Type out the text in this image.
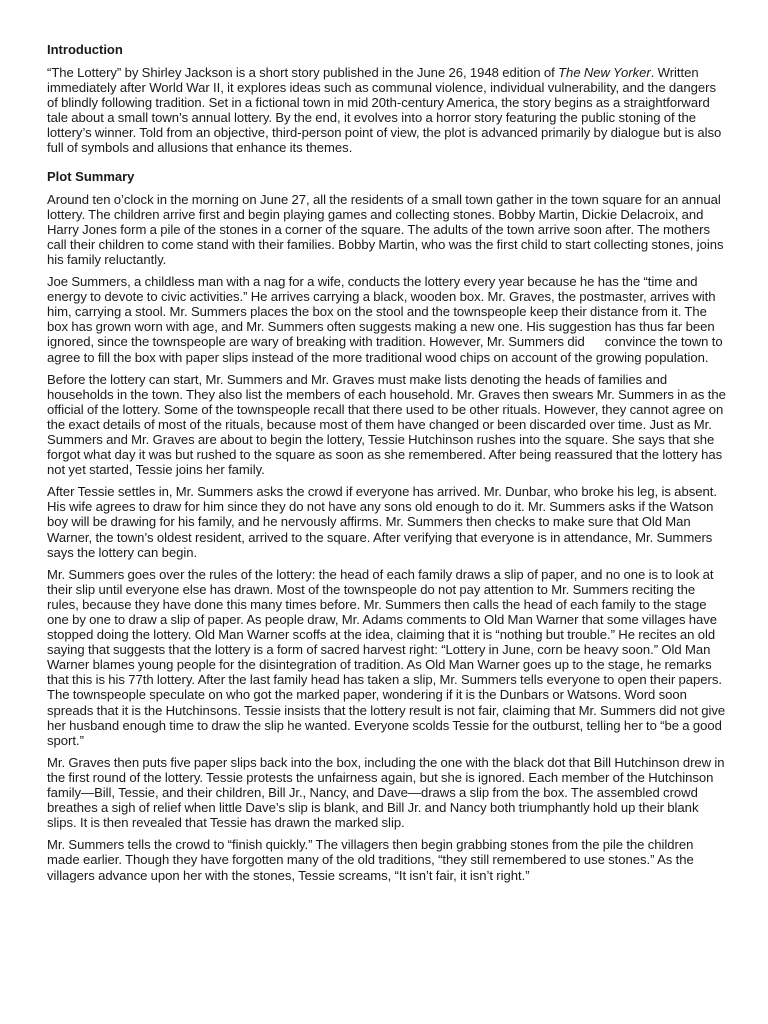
Introduction

“The Lottery” by Shirley Jackson is a short story published in the June 26, 1948 edition of The New Yorker. Written immediately after World War II, it explores ideas such as communal violence, individual vulnerability, and the dangers of blindly following tradition. Set in a fictional town in mid 20th-century America, the story begins as a straightforward tale about a small town’s annual lottery. By the end, it evolves into a horror story featuring the public stoning of the lottery’s winner. Told from an objective, third-person point of view, the plot is advanced primarily by dialogue but is also full of symbols and allusions that enhance its themes.

Plot Summary

Around ten o’clock in the morning on June 27, all the residents of a small town gather in the town square for an annual lottery. The children arrive first and begin playing games and collecting stones. Bobby Martin, Dickie Delacroix, and Harry Jones form a pile of the stones in a corner of the square. The adults of the town arrive soon after. The mothers call their children to come stand with their families. Bobby Martin, who was the first child to start collecting stones, joins his family reluctantly.

Joe Summers, a childless man with a nag for a wife, conducts the lottery every year because he has the “time and energy to devote to civic activities.” He arrives carrying a black, wooden box. Mr. Graves, the postmaster, arrives with him, carrying a stool. Mr. Summers places the box on the stool and the townspeople keep their distance from it. The box has grown worn with age, and Mr. Summers often suggests making a new one. His suggestion has thus far been ignored, since the townspeople are wary of breaking with tradition. However, Mr. Summers did convince the town to agree to fill the box with paper slips instead of the more traditional wood chips on account of the growing population.

Before the lottery can start, Mr. Summers and Mr. Graves must make lists denoting the heads of families and households in the town. They also list the members of each household. Mr. Graves then swears Mr. Summers in as the official of the lottery. Some of the townspeople recall that there used to be other rituals. However, they cannot agree on the exact details of most of the rituals, because most of them have changed or been discarded over time. Just as Mr. Summers and Mr. Graves are about to begin the lottery, Tessie Hutchinson rushes into the square. She says that she forgot what day it was but rushed to the square as soon as she remembered. After being reassured that the lottery has not yet started, Tessie joins her family.

After Tessie settles in, Mr. Summers asks the crowd if everyone has arrived. Mr. Dunbar, who broke his leg, is absent. His wife agrees to draw for him since they do not have any sons old enough to do it. Mr. Summers asks if the Watson boy will be drawing for his family, and he nervously affirms. Mr. Summers then checks to make sure that Old Man Warner, the town’s oldest resident, arrived to the square. After verifying that everyone is in attendance, Mr. Summers says the lottery can begin.

Mr. Summers goes over the rules of the lottery: the head of each family draws a slip of paper, and no one is to look at their slip until everyone else has drawn. Most of the townspeople do not pay attention to Mr. Summers reciting the rules, because they have done this many times before. Mr. Summers then calls the head of each family to the stage one by one to draw a slip of paper. As people draw, Mr. Adams comments to Old Man Warner that some villages have stopped doing the lottery. Old Man Warner scoffs at the idea, claiming that it is “nothing but trouble.” He recites an old saying that suggests that the lottery is a form of sacred harvest right: “Lottery in June, corn be heavy soon.” Old Man Warner blames young people for the disintegration of tradition. As Old Man Warner goes up to the stage, he remarks that this is his 77th lottery. After the last family head has taken a slip, Mr. Summers tells everyone to open their papers. The townspeople speculate on who got the marked paper, wondering if it is the Dunbars or Watsons. Word soon spreads that it is the Hutchinsons. Tessie insists that the lottery result is not fair, claiming that Mr. Summers did not give her husband enough time to draw the slip he wanted. Everyone scolds Tessie for the outburst, telling her to “be a good sport.”

Mr. Graves then puts five paper slips back into the box, including the one with the black dot that Bill Hutchinson drew in the first round of the lottery. Tessie protests the unfairness again, but she is ignored. Each member of the Hutchinson family—Bill, Tessie, and their children, Bill Jr., Nancy, and Dave—draws a slip from the box. The assembled crowd breathes a sigh of relief when little Dave’s slip is blank, and Bill Jr. and Nancy both triumphantly hold up their blank slips. It is then revealed that Tessie has drawn the marked slip.

Mr. Summers tells the crowd to “finish quickly.” The villagers then begin grabbing stones from the pile the children made earlier. Though they have forgotten many of the old traditions, “they still remembered to use stones.” As the villagers advance upon her with the stones, Tessie screams, “It isn’t fair, it isn’t right.”
